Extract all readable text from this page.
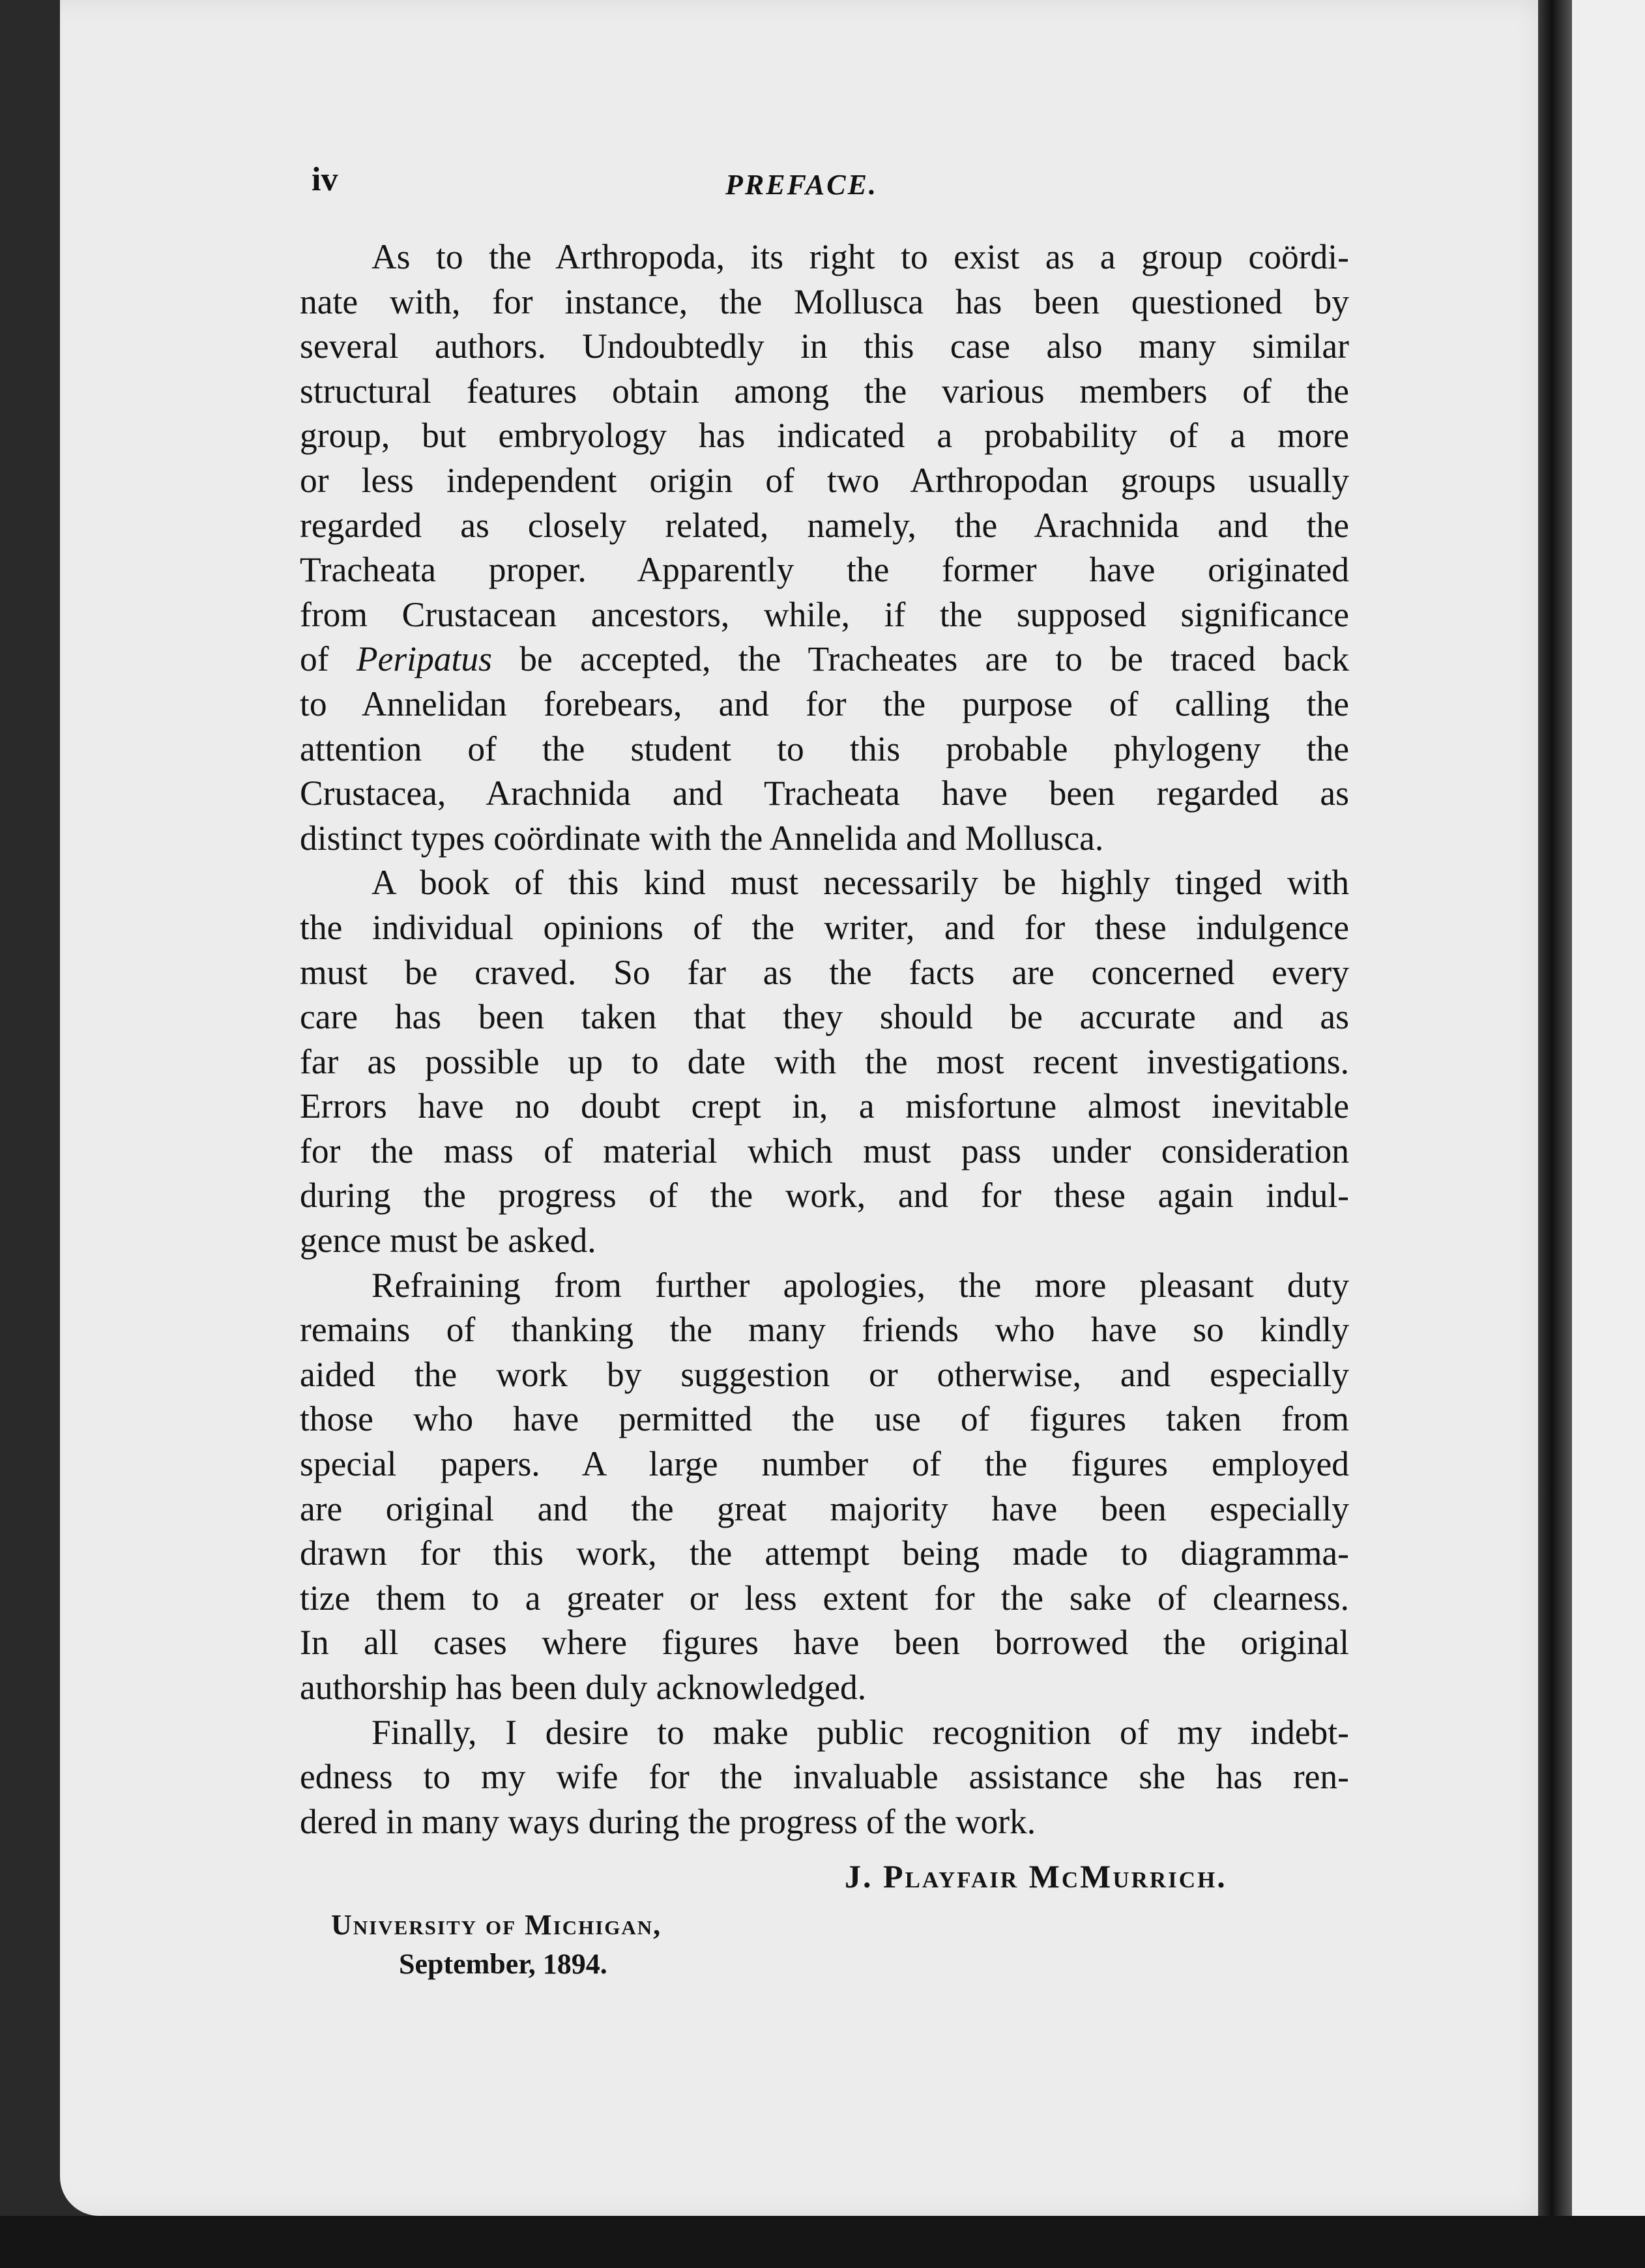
iv	PREFACE.
As to the Arthropoda, its right to exist as a group coördi-
nate with, for instance, the Mollusca has been questioned by
several authors. Undoubtedly in this case also many similar
structural features obtain among the various members of the
group, but embryology has indicated a probability of a more
or less independent origin of two Arthropodan groups usually
regarded as closely related, namely, the Arachnida and the
Tracheata proper. Apparently the former have originated
from Crustacean ancestors, while, if the supposed significance
of Peripatus be accepted, the Tracheates are to be traced back
to Annelidan forebears, and for the purpose of calling the
attention of the student to this probable phylogeny the
Crustacea, Arachnida and Tracheata have been regarded as
distinct types coördinate with the Annelida and Mollusca.
A book of this kind must necessarily be highly tinged with
the individual opinions of the writer, and for these indulgence
must be craved. So far as the facts are concerned every
care has been taken that they should be accurate and as
far as possible up to date with the most recent investigations.
Errors have no doubt crept in, a misfortune almost inevitable
for the mass of material which must pass under consideration
during the progress of the work, and for these again indul-
gence must be asked.
Refraining from further apologies, the more pleasant duty
remains of thanking the many friends who have so kindly
aided the work by suggestion or otherwise, and especially
those who have permitted the use of figures taken from
special papers. A large number of the figures employed
are original and the great majority have been especially
drawn for this work, the attempt being made to diagramma-
tize them to a greater or less extent for the sake of clearness.
In all cases where figures have been borrowed the original
authorship has been duly acknowledged.
Finally, I desire to make public recognition of my indebt-
edness to my wife for the invaluable assistance she has ren-
dered in many ways during the progress of the work.
J. Playfair McMurrich.
University of Michigan,
September, 1894.
